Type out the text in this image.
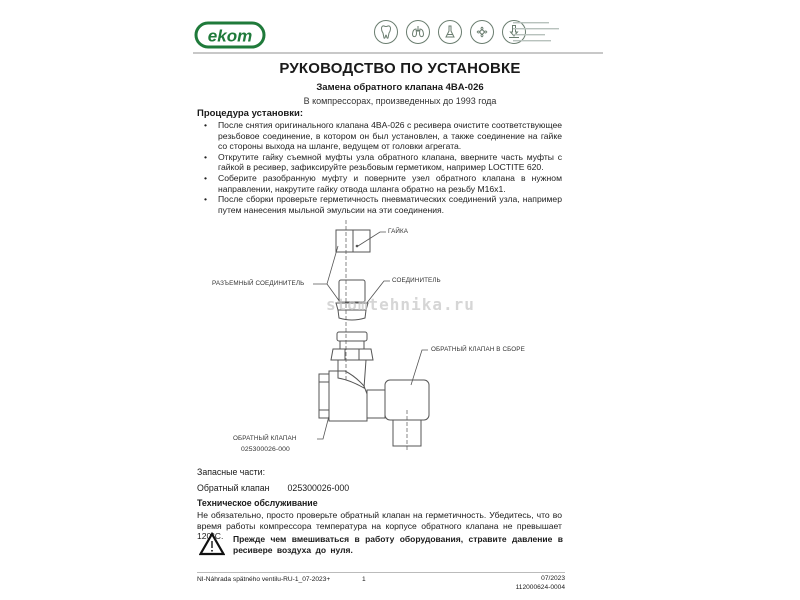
ekom
РУКОВОДСТВО ПО УСТАНОВКЕ
Замена обратного клапана 4BA-026
В компрессорах, произведенных до 1993 года
Процедура установки:
• После снятия оригинального клапана 4BA-026 с ресивера очистите соответствующее резьбовое соединение, в котором он был установлен, а также соединение на гайке со стороны выхода на шланге, ведущем от головки агрегата.
• Открутите гайку съемной муфты узла обратного клапана, вверните часть муфты с гайкой в ресивер, зафиксируйте резьбовым герметиком, например LOCTITE 620.
• Соберите разобранную муфту и поверните узел обратного клапана в нужном направлении, накрутите гайку отвода шланга обратно на резьбу M16x1.
• После сборки проверьте герметичность пневматических соединений узла, например путем нанесения мыльной эмульсии на эти соединения.
ГАЙКА
РАЗЪЕМНЫЙ СОЕДИНИТЕЛЬ	СОЕДИНИТЕЛЬ
ОБРАТНЫЙ КЛАПАН В СБОРЕ
ОБРАТНЫЙ КЛАПАН
025300026-000
stomtehnika.ru
Запасные части:
Обратный клапан 025300026-000
Техническое обслуживание
Не обязательно, просто проверьте обратный клапан на герметичность. Убедитесь, что во время работы компрессора температура на корпусе обратного клапана не превышает 120°C.	Прежде чем вмешиваться в работу оборудования, стравите давление в ресивере воздуха до нуля.
NI-Náhrada spätného ventilu-RU-1_07-2023+	1	07/2023
112000624-0004
